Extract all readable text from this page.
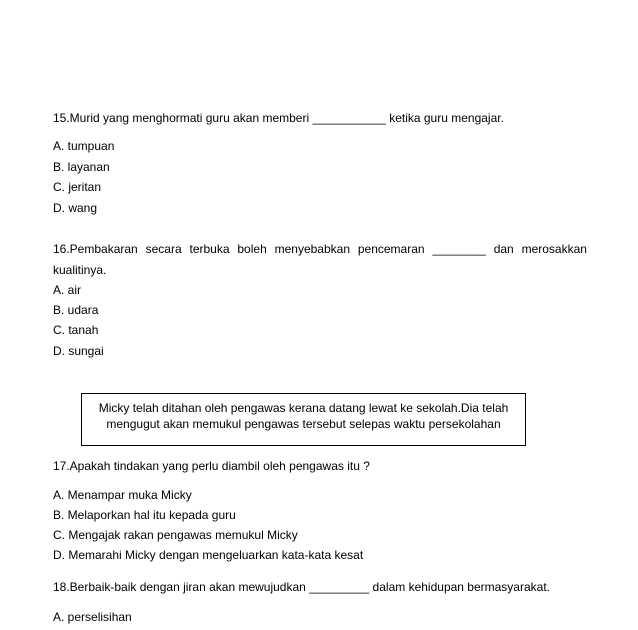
15.Murid yang menghormati guru akan memberi ___________ ketika guru mengajar.
A. tumpuan
B. layanan
C. jeritan
D. wang
16.Pembakaran secara terbuka boleh menyebabkan pencemaran ________ dan merosakkan
kualitinya.
A. air
B. udara
C. tanah
D. sungai
Micky telah ditahan oleh pengawas kerana datang lewat ke sekolah.Dia telah
mengugut akan memukul pengawas tersebut selepas waktu persekolahan
17.Apakah tindakan yang perlu diambil oleh pengawas itu ?
A. Menampar muka Micky
B. Melaporkan hal itu kepada guru
C. Mengajak rakan pengawas memukul Micky
D. Memarahi Micky dengan mengeluarkan kata-kata kesat
18.Berbaik-baik dengan jiran akan mewujudkan _________ dalam kehidupan bermasyarakat.
A. perselisihan
